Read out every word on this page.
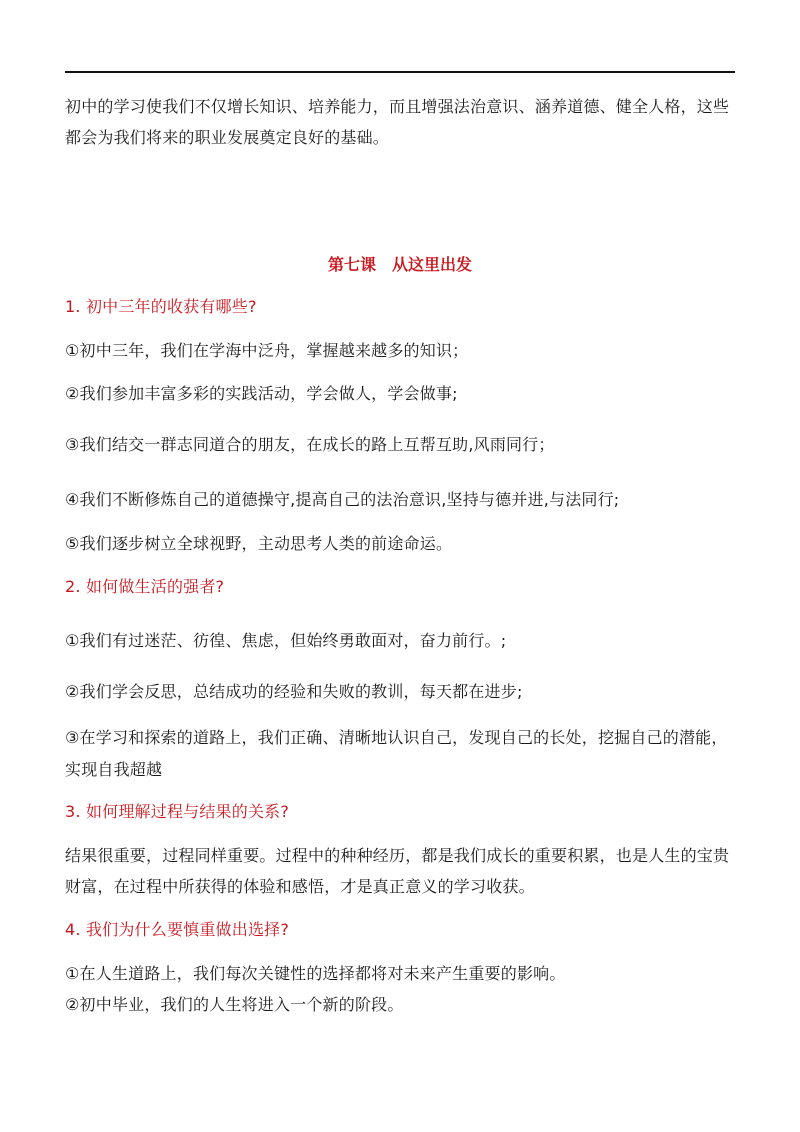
初中的学习使我们不仅增长知识、培养能力，而且增强法治意识、涵养道德、健全人格，这些
都会为我们将来的职业发展奠定良好的基础。
第七课　从这里出发
1. 初中三年的收获有哪些?
①初中三年，我们在学海中泛舟，掌握越来越多的知识；
②我们参加丰富多彩的实践活动，学会做人，学会做事;
③我们结交一群志同道合的朋友，在成长的路上互帮互助,风雨同行；
④我们不断修炼自己的道德操守,提高自己的法治意识,坚持与德并进,与法同行;
⑤我们逐步树立全球视野，主动思考人类的前途命运。
2. 如何做生活的强者?
①我们有过迷茫、彷徨、焦虑，但始终勇敢面对，奋力前行。;
②我们学会反思，总结成功的经验和失败的教训，每天都在进步;
③在学习和探索的道路上，我们正确、清晰地认识自己，发现自己的长处，挖掘自己的潜能，
实现自我超越
3. 如何理解过程与结果的关系?
结果很重要，过程同样重要。过程中的种种经历，都是我们成长的重要积累，也是人生的宝贵
财富，在过程中所获得的体验和感悟，才是真正意义的学习收获。
4. 我们为什么要慎重做出选择?
①在人生道路上，我们每次关键性的选择都将对未来产生重要的影响。
②初中毕业，我们的人生将进入一个新的阶段。
